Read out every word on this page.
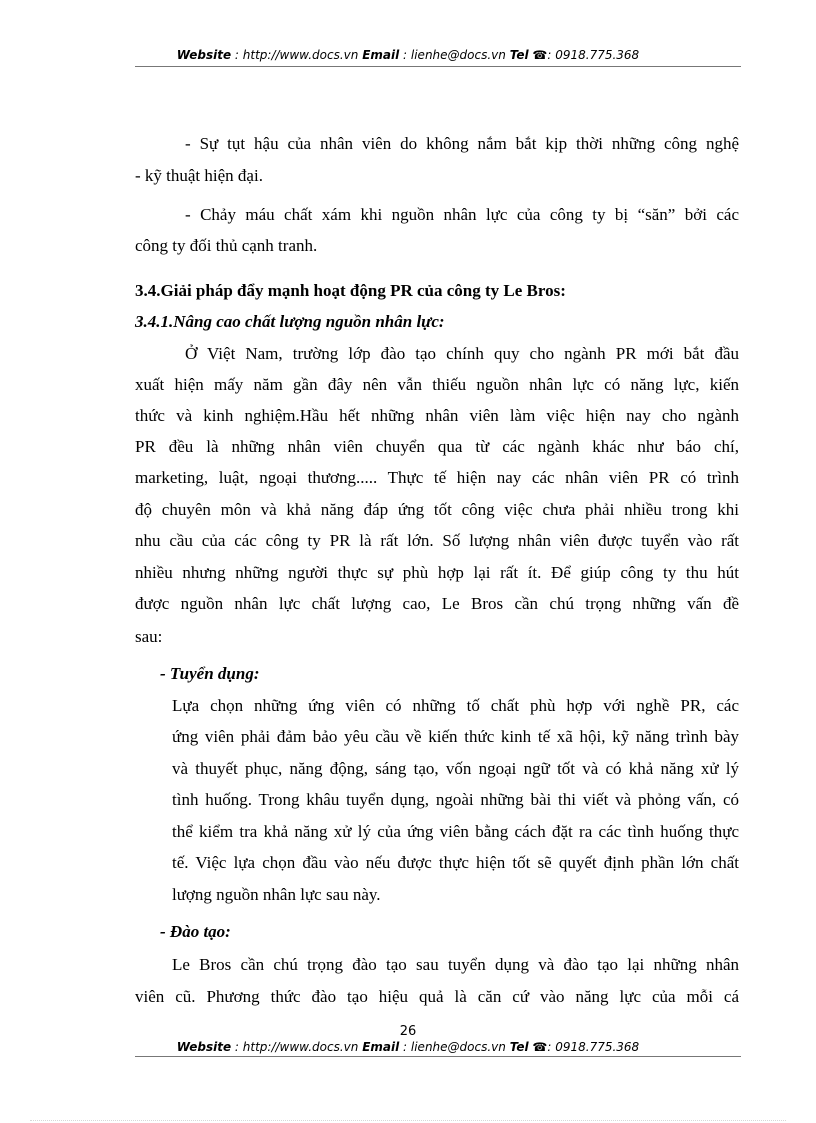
Website : http://www.docs.vn Email : lienhe@docs.vn Tel ☎: 0918.775.368
- Sự tụt hậu của nhân viên do không nắm bắt kịp thời những công nghệ
- kỹ thuật hiện đại.
- Chảy máu chất xám khi nguồn nhân lực của công ty bị “săn” bởi các
công ty đối thủ cạnh tranh.
3.4.Giải pháp đẩy mạnh hoạt động PR của công ty Le Bros:
3.4.1.Nâng cao chất lượng nguồn nhân lực:
Ở Việt Nam, trường lớp đào tạo chính quy cho ngành PR mới bắt đầu
xuất hiện mấy năm gần đây nên vẫn thiếu nguồn nhân lực có năng lực, kiến
thức và kinh nghiệm.Hầu hết những nhân viên làm việc hiện nay cho ngành
PR đều là những nhân viên chuyển qua từ các ngành khác như báo chí,
marketing, luật, ngoại thương..... Thực tế hiện nay các nhân viên PR có trình
độ chuyên môn và khả năng đáp ứng tốt công việc chưa phải nhiều trong khi
nhu cầu của các công ty PR là rất lớn. Số lượng nhân viên được tuyển vào rất
nhiều nhưng những người thực sự phù hợp lại rất ít. Để giúp công ty thu hút
được nguồn nhân lực chất lượng cao, Le Bros cần chú trọng những vấn đề
sau:
- Tuyển dụng:
Lựa chọn những ứng viên có những tố chất phù hợp với nghề PR, các
ứng viên phải đảm bảo yêu cầu về kiến thức kinh tế xã hội, kỹ năng trình bày
và thuyết phục, năng động, sáng tạo, vốn ngoại ngữ tốt và có khả năng xử lý
tình huống. Trong khâu tuyển dụng, ngoài những bài thi viết và phỏng vấn, có
thể kiểm tra khả năng xử lý của ứng viên bằng cách đặt ra các tình huống thực
tế. Việc lựa chọn đầu vào nếu được thực hiện tốt sẽ quyết định phần lớn chất
lượng nguồn nhân lực sau này.
- Đào tạo:
Le Bros cần chú trọng đào tạo sau tuyển dụng và đào tạo lại những nhân
viên cũ. Phương thức đào tạo hiệu quả là căn cứ vào năng lực của mỗi cá
26
Website : http://www.docs.vn Email : lienhe@docs.vn Tel ☎: 0918.775.368
